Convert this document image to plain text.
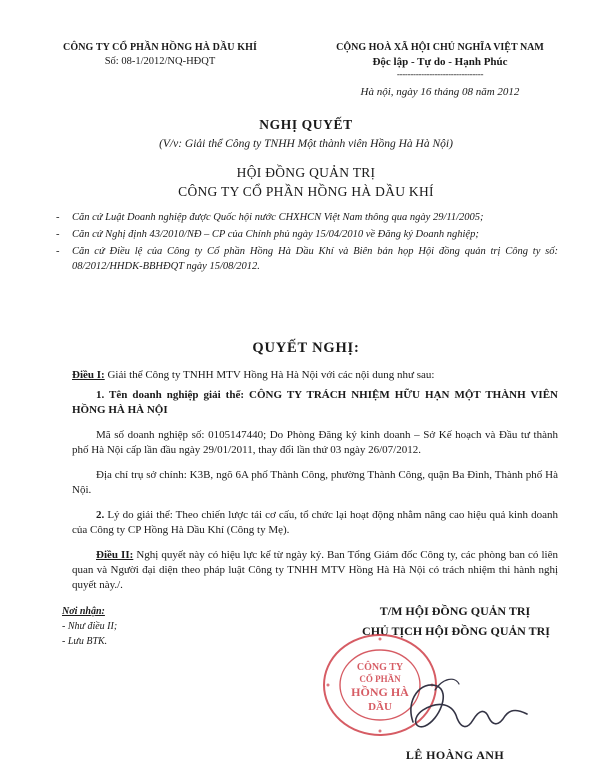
CÔNG TY CỔ PHẦN HỒNG HÀ DẦU KHÍ
Số: 08-1/2012/NQ-HĐQT
CỘNG HOÀ XÃ HỘI CHỦ NGHĨA VIỆT NAM
Độc lập - Tự do - Hạnh Phúc
--------------------------------
Hà nội, ngày 16 tháng 08 năm 2012
NGHỊ QUYẾT
(V/v: Giải thể Công ty TNHH Một thành viên Hồng Hà Hà Nội)
HỘI ĐỒNG QUẢN TRỊ
CÔNG TY CỔ PHẦN HỒNG HÀ DẦU KHÍ
- Căn cứ Luật Doanh nghiệp được Quốc hội nước CHXHCN Việt Nam thông qua ngày 29/11/2005;
- Căn cứ Nghị định 43/2010/NĐ – CP của Chính phủ ngày 15/04/2010 về Đăng ký Doanh nghiệp;
- Căn cứ Điều lệ của Công ty Cổ phần Hồng Hà Dầu Khí và Biên bản họp Hội đồng quản trị Công ty số: 08/2012/HHDK-BBHĐQT ngày 15/08/2012.
QUYẾT NGHỊ:
Điều I: Giải thể Công ty TNHH MTV Hồng Hà Hà Nội với các nội dung như sau:
1. Tên doanh nghiệp giải thể: CÔNG TY TRÁCH NHIỆM HỮU HẠN MỘT THÀNH VIÊN HỒNG HÀ HÀ NỘI
Mã số doanh nghiệp số: 0105147440; Do Phòng Đăng ký kinh doanh – Sở Kế hoạch và Đầu tư thành phố Hà Nội cấp lần đầu ngày 29/01/2011, thay đổi lần thứ 03 ngày 26/07/2012.
Địa chỉ trụ sở chính: K3B, ngõ 6A phố Thành Công, phường Thành Công, quận Ba Đình, Thành phố Hà Nội.
2. Lý do giải thể: Theo chiến lược tái cơ cấu, tổ chức lại hoạt động nhằm nâng cao hiệu quả kinh doanh của Công ty CP Hồng Hà Dầu Khí (Công ty Mẹ).
Điều II: Nghị quyết này có hiệu lực kể từ ngày ký. Ban Tổng Giám đốc Công ty, các phòng ban có liên quan và Người đại diện theo pháp luật Công ty TNHH MTV Hồng Hà Hà Nội có trách nhiệm thi hành nghị quyết này./.
Nơi nhận:
- Như điều II;
- Lưu BTK.
T/M HỘI ĐỒNG QUẢN TRỊ
CHỦ TỊCH HỘI ĐỒNG QUẢN TRỊ
CÔNG TY
CỔ PHẦN
HỒNG HÀ
DẦU
LÊ HOÀNG ANH
